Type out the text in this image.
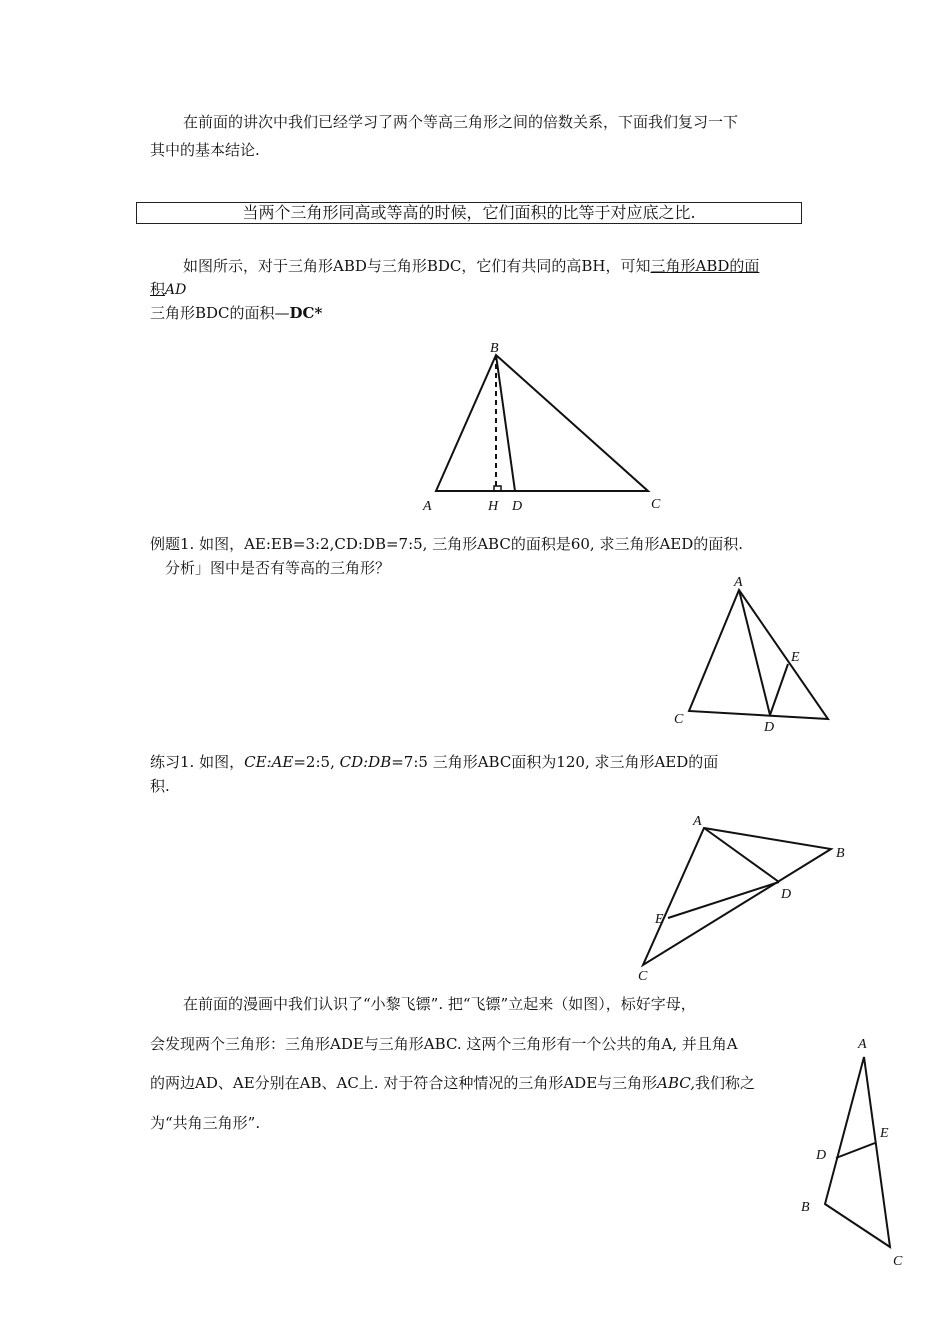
在前面的讲次中我们已经学习了两个等高三角形之间的倍数关系，下面我们复习一下
其中的基本结论.
当两个三角形同高或等高的时候，它们面积的比等于对应底之比.
如图所示，对于三角形ABD与三角形BDC，它们有共同的高BH，可知三角形ABD的面
积AD
三角形BDC的面积—DC*
B
A	H D	C
例题1. 如图，AE:EB=3:2,CD:DB=7:5, 三角形ABC的面积是60, 求三角形AED的面积.
分析」图中是否有等高的三角形？
A
E
C
D
练习1. 如图，CE:AE=2:5, CD:DB=7:5 三角形ABC面积为120, 求三角形AED的面
积.
A
B
D
E
C
在前面的漫画中我们认识了“小黎飞镖”. 把“飞镖”立起来（如图），标好字母，
会发现两个三角形：三角形ADE与三角形ABC. 这两个三角形有一个公共的角A, 并且角A
的两边AD、AE分别在AB、AC上. 对于符合这种情况的三角形ADE与三角形ABC,我们称之
为“共角三角形”.
A
E
D
B
C
